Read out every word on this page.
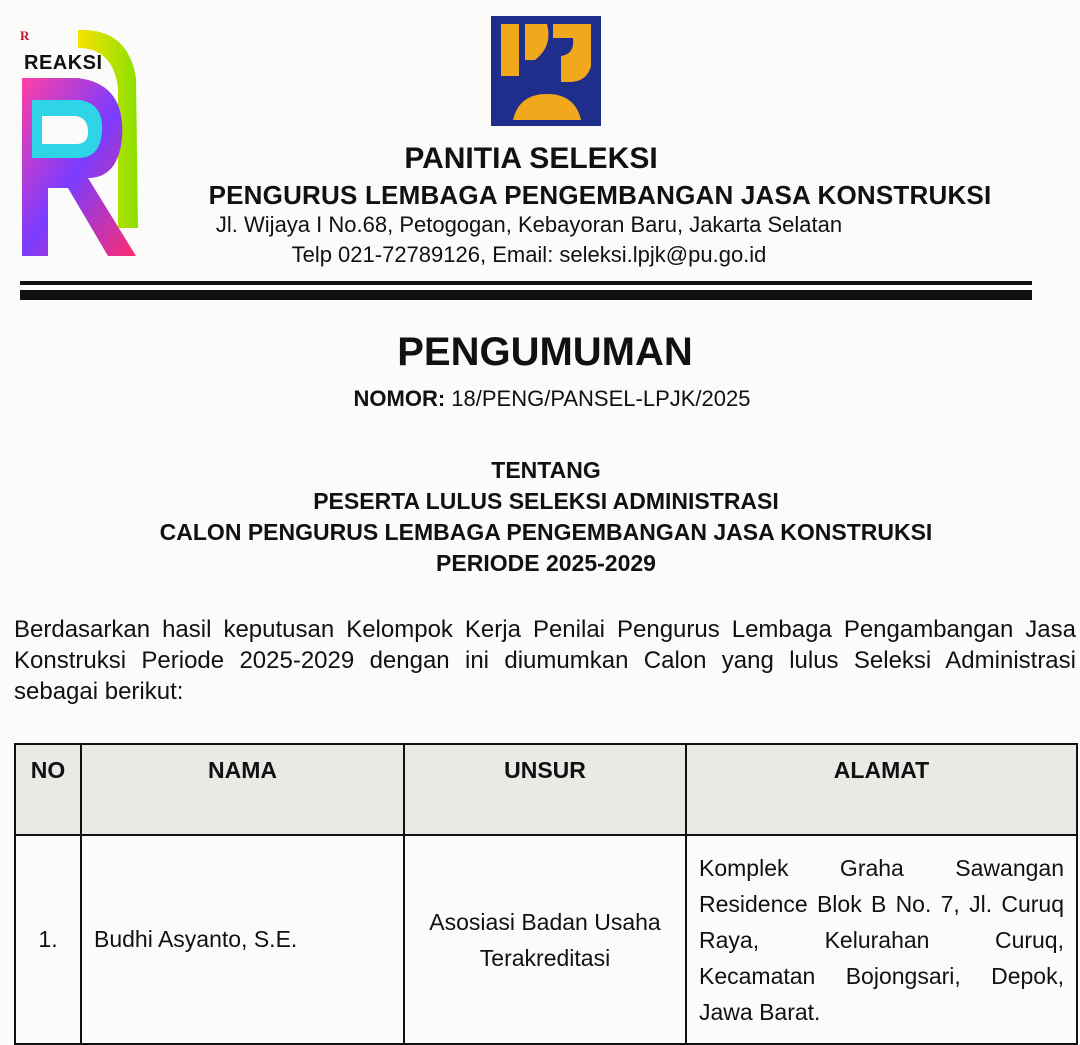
R
REAKSI
PANITIA SELEKSI
PENGURUS LEMBAGA PENGEMBANGAN JASA KONSTRUKSI
Jl. Wijaya I No.68, Petogogan, Kebayoran Baru, Jakarta Selatan
Telp 021-72789126, Email: seleksi.lpjk@pu.go.id
PENGUMUMAN
NOMOR: 18/PENG/PANSEL-LPJK/2025
TENTANG
PESERTA LULUS SELEKSI ADMINISTRASI
CALON PENGURUS LEMBAGA PENGEMBANGAN JASA KONSTRUKSI
PERIODE 2025-2029
Berdasarkan hasil keputusan Kelompok Kerja Penilai Pengurus Lembaga Pengambangan Jasa Konstruksi Periode 2025-2029 dengan ini diumumkan Calon yang lulus Seleksi Administrasi sebagai berikut:
NO	NAMA	UNSUR	ALAMAT
1.	Budhi Asyanto, S.E.	Asosiasi Badan Usaha Terakreditasi	Komplek Graha Sawangan Residence Blok B No. 7, Jl. Curuq Raya, Kelurahan Curuq, Kecamatan Bojongsari, Depok, Jawa Barat.
